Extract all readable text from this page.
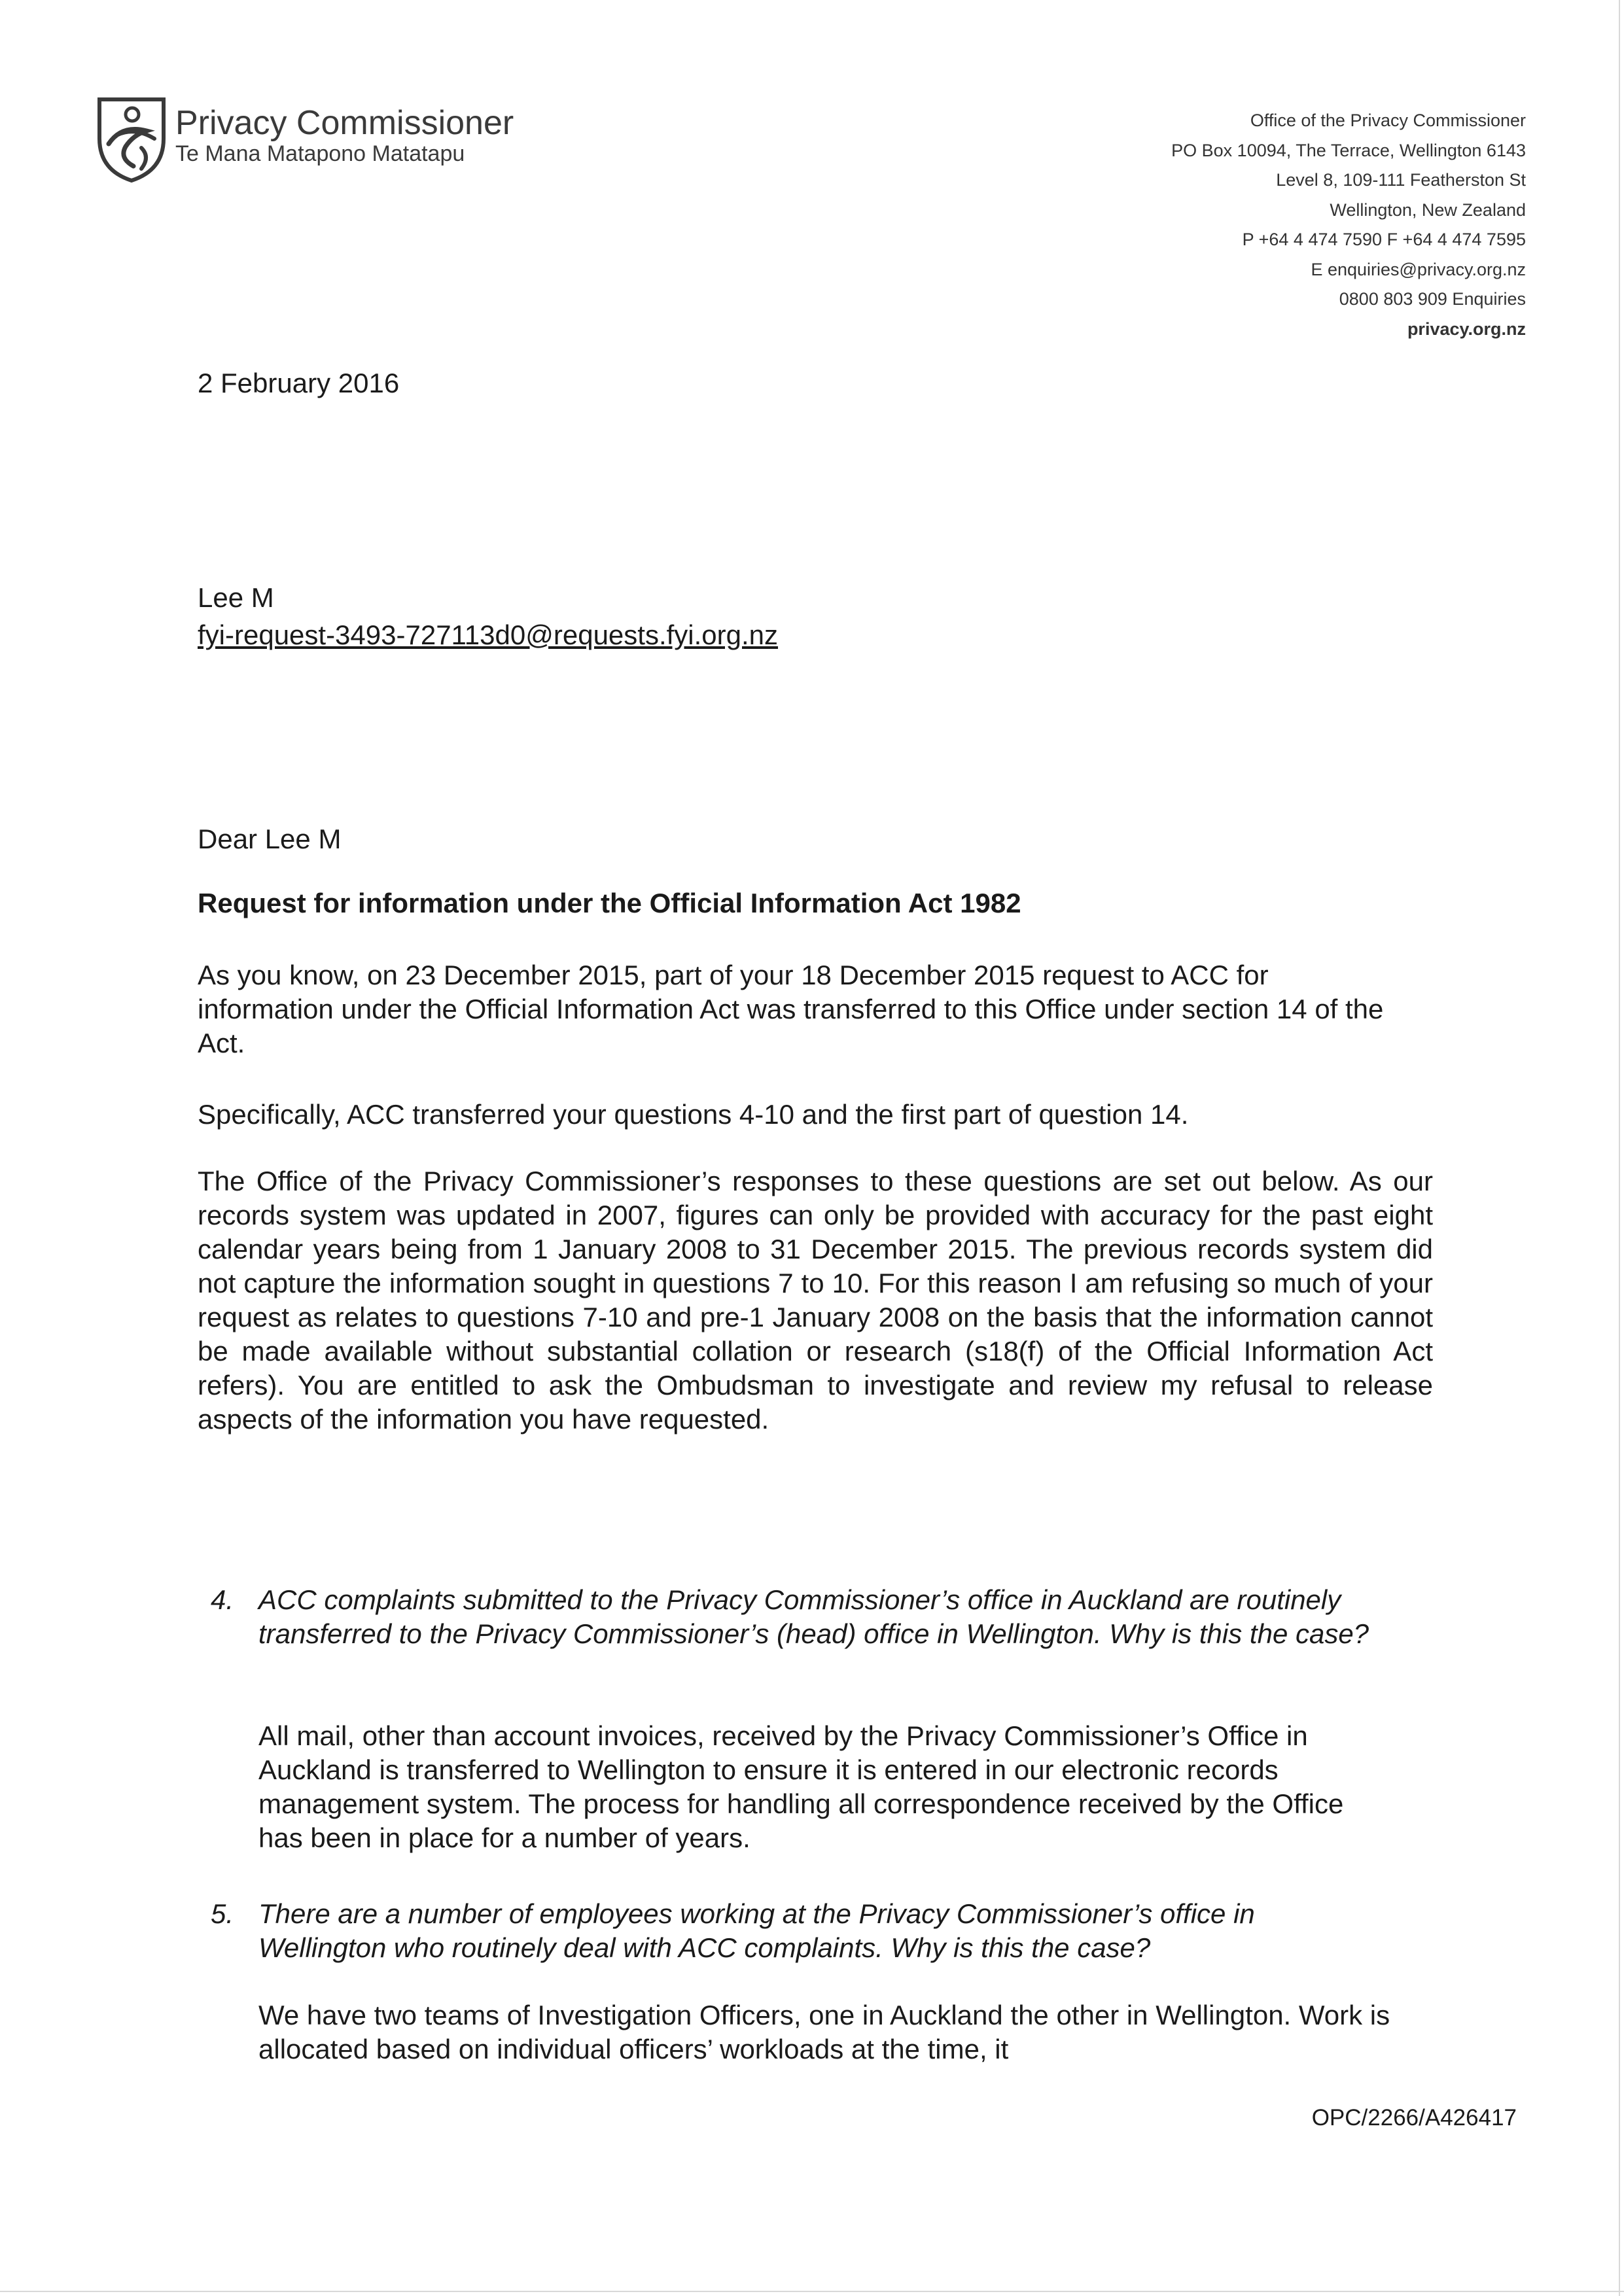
Privacy Commissioner
Te Mana Matapono Matatapu
Office of the Privacy Commissioner
PO Box 10094, The Terrace, Wellington 6143
Level 8, 109-111 Featherston St
Wellington, New Zealand
P +64 4 474 7590 F +64 4 474 7595
E enquiries@privacy.org.nz
0800 803 909 Enquiries
privacy.org.nz
2 February 2016
Lee M
fyi-request-3493-727113d0@requests.fyi.org.nz
Dear Lee M
Request for information under the Official Information Act 1982
As you know, on 23 December 2015, part of your 18 December 2015 request to ACC for information under the Official Information Act was transferred to this Office under section 14 of the Act.
Specifically, ACC transferred your questions 4-10 and the first part of question 14.
The Office of the Privacy Commissioner’s responses to these questions are set out below. As our records system was updated in 2007, figures can only be provided with accuracy for the past eight calendar years being from 1 January 2008 to 31 December 2015. The previous records system did not capture the information sought in questions 7 to 10. For this reason I am refusing so much of your request as relates to questions 7-10 and pre-1 January 2008 on the basis that the information cannot be made available without substantial collation or research (s18(f) of the Official Information Act refers). You are entitled to ask the Ombudsman to investigate and review my refusal to release aspects of the information you have requested.
4. ACC complaints submitted to the Privacy Commissioner’s office in Auckland are routinely transferred to the Privacy Commissioner’s (head) office in Wellington. Why is this the case?
All mail, other than account invoices, received by the Privacy Commissioner’s Office in Auckland is transferred to Wellington to ensure it is entered in our electronic records management system. The process for handling all correspondence received by the Office has been in place for a number of years.
5. There are a number of employees working at the Privacy Commissioner’s office in Wellington who routinely deal with ACC complaints. Why is this the case?
We have two teams of Investigation Officers, one in Auckland the other in Wellington. Work is allocated based on individual officers’ workloads at the time, it
OPC/2266/A426417
